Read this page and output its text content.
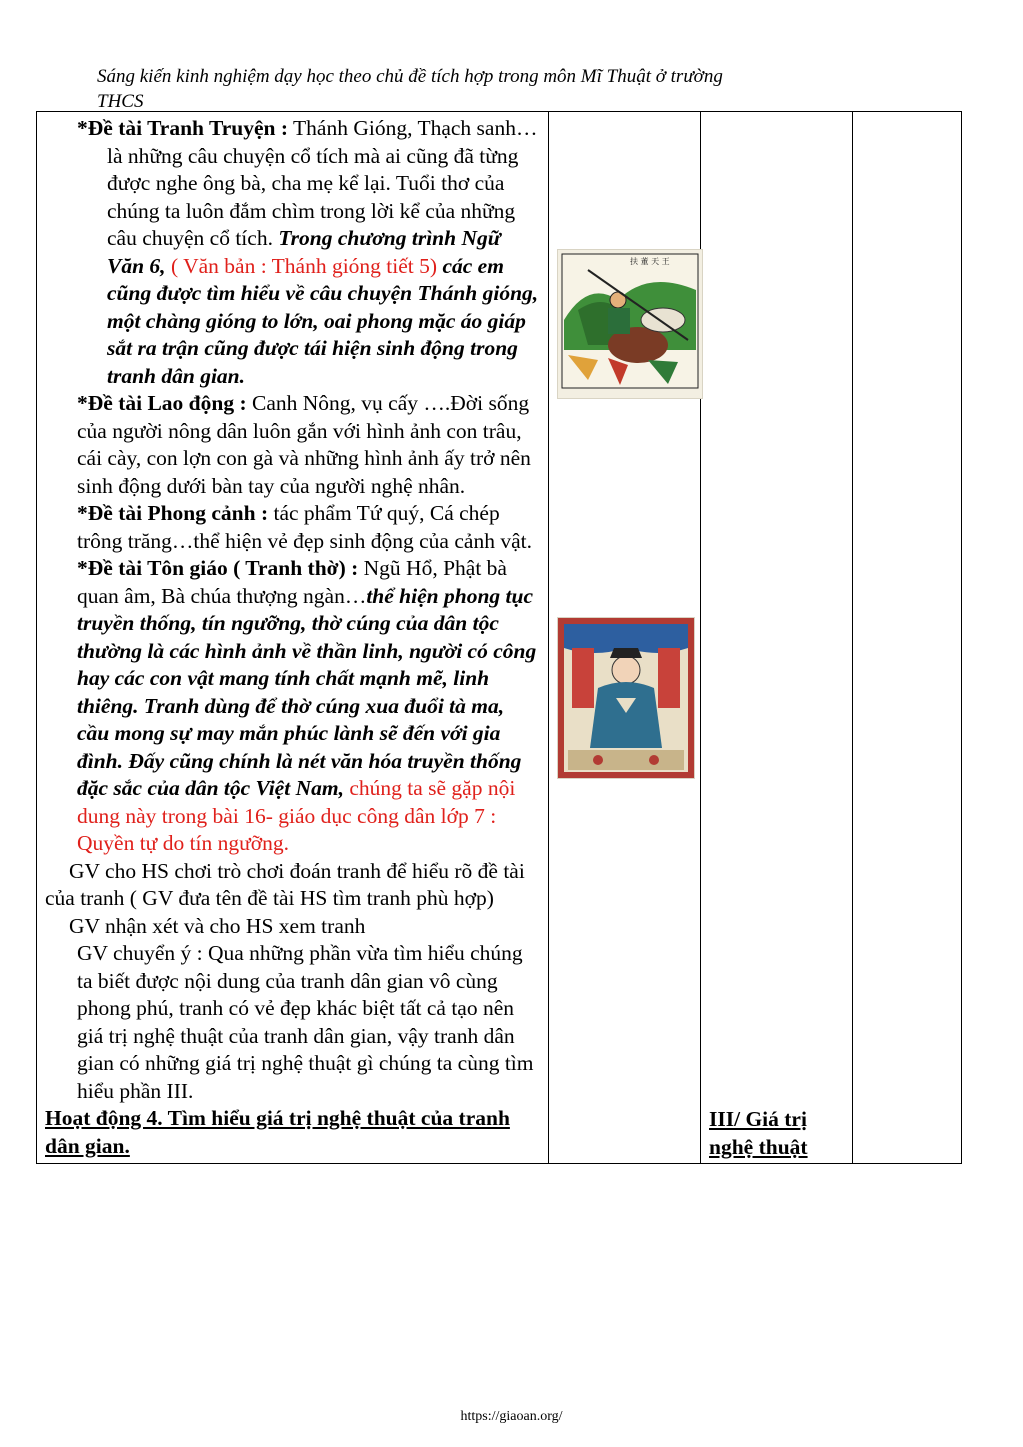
Sáng kiến kinh nghiệm dạy học theo chủ đề tích hợp trong môn Mĩ Thuật ở trường
THCS

*Đề tài Tranh Truyện : Thánh Gióng, Thạch sanh…là những câu chuyện cổ tích mà ai cũng đã từng được nghe ông bà, cha mẹ kể lại. Tuổi thơ của chúng ta luôn đắm chìm trong lời kể của những câu chuyện cổ tích. Trong chương trình Ngữ Văn 6, ( Văn bản : Thánh gióng tiết 5) các em cũng được tìm hiểu về câu chuyện Thánh gióng, một chàng gióng to lớn, oai phong mặc áo giáp sắt ra trận cũng được tái hiện sinh động trong tranh dân gian.

*Đề tài Lao động : Canh Nông, vụ cấy ….Đời sống của người nông dân luôn gắn với hình ảnh con trâu, cái cày, con lợn con gà và những hình ảnh ấy trở nên sinh động dưới bàn tay của người nghệ nhân.

*Đề tài Phong cảnh : tác phẩm Tứ quý, Cá chép trông trăng…thể hiện vẻ đẹp sinh động của cảnh vật.

*Đề tài Tôn giáo ( Tranh thờ) : Ngũ Hổ, Phật bà quan âm, Bà chúa thượng ngàn…thể hiện phong tục truyền thống, tín ngưỡng, thờ cúng của dân tộc thường là các hình ảnh về thần linh, người có công hay các con vật mang tính chất mạnh mẽ, linh thiêng. Tranh dùng để thờ cúng xua đuổi tà ma, cầu mong sự may mắn phúc lành sẽ đến với gia đình. Đấy cũng chính là nét văn hóa truyền thống đặc sắc của dân tộc Việt Nam, chúng ta sẽ gặp nội dung này trong bài 16- giáo dục công dân lớp 7 : Quyền tự do tín ngưỡng.

GV cho HS chơi trò chơi đoán tranh để hiểu rõ đề tài của tranh ( GV đưa tên đề tài HS tìm tranh phù hợp)

GV nhận xét và cho HS xem tranh

GV chuyển ý : Qua những phần vừa tìm hiểu chúng ta biết được nội dung của tranh dân gian vô cùng phong phú, tranh có vẻ đẹp khác biệt tất cả tạo nên giá trị nghệ thuật của tranh dân gian, vậy tranh dân gian có những giá trị nghệ thuật gì chúng ta cùng tìm hiểu phần III.

Hoạt động 4. Tìm hiểu giá trị nghệ thuật của tranh dân gian.

扶 董 天 王

III/ Giá trị nghệ thuật

https://giaoan.org/
